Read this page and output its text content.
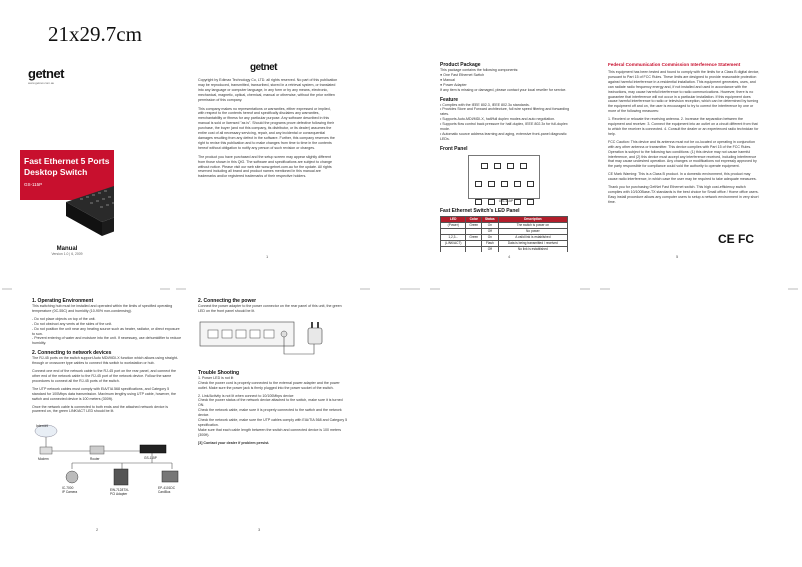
21x29.7cm
getnet
www.getnet.com.au
Fast Ethernet 5 Ports
Desktop Switch
GS-115P
Manual
Version 1.0 | 6, 2009
getnet

Copyright by Edimax Technology Co, LTD. all rights reserved. No part of this publication may be reproduced, transmitted, transcribed, stored in a retrieval system, or translated into any language or computer language, in any form or by any means, electronic, mechanical, magnetic, optical, chemical, manual or otherwise, without the prior written permission of this company.

This company makes no representations or warranties, either expressed or implied, with respect to the contents hereof and specifically disclaims any warranties, merchantability or fitness for any particular purpose. Any software described in this manual is sold or licensed "as is". Should the programs prove defective following their purchase, the buyer (and not this company, its distributor, or its dealer) assumes the entire cost of all necessary servicing, repair, and any incidental or consequential damages resulting from any defect in the software. Further, this company reserves the right to revise this publication and to make changes from time to time in the contents hereof without obligation to notify any person of such revision or changes.

The product you have purchased and the setup screen may appear slightly different from those shown in this QIG. The software and specifications are subject to change without notice. Please visit our web site www.getnet.com.au for the update. All rights reserved including all brand and product names mentioned in this manual are trademarks and/or registered trademarks of their respective holders.

1
Product Package
This package contains the following components:
● One Fast Ethernet Switch
● Manual
● Power Adapter
If any item is missing or damaged, please contact your local reseller for service.
Feature
• Complies with the IEEE 802.3, IEEE 802.3u standards.
• Provides Store and Forward architecture, full wire speed filtering and forwarding rates.
• Supports Auto-MDI/MDI-X, half/full duplex modes and auto negotiation.
• Supports flow control back pressure for half-duplex, IEEE 802.3x for full-duplex mode.
• Automatic source address learning and aging, extensive front-panel diagnostic LEDs.
Front Panel
GS-115P
Fast Ethernet Switch's LED Panel
LED	Color	Status	Description
(Power)	Green	On	The switch is power on
		Off	No power
1,2,3...	Green	On	A valid link is established
(LINK/ACT)		Flash	Data is being transmitted / received
		Off	No link is established
4
Federal Communication Commission Interference Statement
This equipment has been tested and found to comply with the limits for a Class B digital device, pursuant to Part 15 of FCC Rules. These limits are designed to provide reasonable protection against harmful interference in a residential installation. This equipment generates, uses, and can radiate radio frequency energy and, if not installed and used in accordance with the instructions, may cause harmful interference to radio communications. However, there is no guarantee that interference will not occur in a particular installation. If this equipment does cause harmful interference to radio or television reception, which can be determined by turning the equipment off and on, the user is encouraged to try to correct the interference by one or more of the following measures:
1. Reorient or relocate the receiving antenna. 2. Increase the separation between the equipment and receiver. 3. Connect the equipment into an outlet on a circuit different from that to which the receiver is connected. 4. Consult the dealer or an experienced radio technician for help.
FCC Caution: This device and its antenna must not be co-located or operating in conjunction with any other antenna or transmitter. This device complies with Part 15 of the FCC Rules. Operation is subject to the following two conditions: (1) this device may not cause harmful interference, and (2) this device must accept any interference received, including interference that may cause undesired operation. Any changes or modifications not expressly approved by the party responsible for compliance could void the authority to operate equipment.
CE Mark Warning: This is a Class B product. In a domestic environment, this product may cause radio interference, in which case the user may be required to take adequate measures.
Thank you for purchasing GetNet Fast Ethernet switch. This high cost-efficiency switch complies with 10/100Base-TX standards is the best choice for Small office / Home office users. Easy install procedure allows any computer users to setup a network environment in very short time.
CE FC
5
1. Operating Environment
This switching hub must be installed and operated within the limits of specified operating temperature (0C-55C) and humidity (10-90% non-condensing).
- Do not place objects on top of the unit.
- Do not obstruct any vents at the sides of the unit.
- Do not position the unit near any heating source such as heater, radiator, or direct exposure to sun.
- Prevent entering of water and moisture into the unit. If necessary, use dehumidifier to reduce humidity.
2. Connecting to network devices
The RJ-45 ports on the switch support Auto MDI/MDI-X function which allows using straight-through or crossover type cables to connect this switch to workstation or hub.
Connect one end of the network cable to the RJ-45 port on the rear panel, and connect the other end of the network cable to the RJ-45 port of the network device. Follow the same procedures to connect all the RJ-45 ports of the switch.
The UTP network cables must comply with EIA/TIA 568 specifications, and Category 5 standard for 100Mbps data transmission. Maximum lengthy using UTP cable, however, the switch and connected device is 100 meters (300ft).
Once the network cable is connected to both ends and the attached network device is powered on, the green LINK/ACT LED should be lit.
Internet
Modem	Router	GS-115P
IC-7000
IP Camera	EW-7128TXL
PCI Adapter
EP-4101DC
CardBus
2
2. Connecting the power
Connect the power adapter to the power connector on the rear panel of this unit, the green LED on the front panel should be lit.
Trouble Shooting
1. Power LED is not lit
Check the power cord is properly connected to the external power adapter and the power outlet. Make sure the power jack is firmly plugged into the power socket of the switch.
2. Link/Activity is not lit when connect to 10/100Mbps device
Check the power status of the network device attached to the switch, make sure it is turned ON.
Check the network cable, make sure it is properly connected to the switch and the network device.
Check the network cable, make sure the UTP cables comply with EIA/TIA 568 and Category 5 specification.
Make sure that each cable length between the switch and connected device is 100 meters (300ft).
[3] Contact your dealer if problem persist.
3
